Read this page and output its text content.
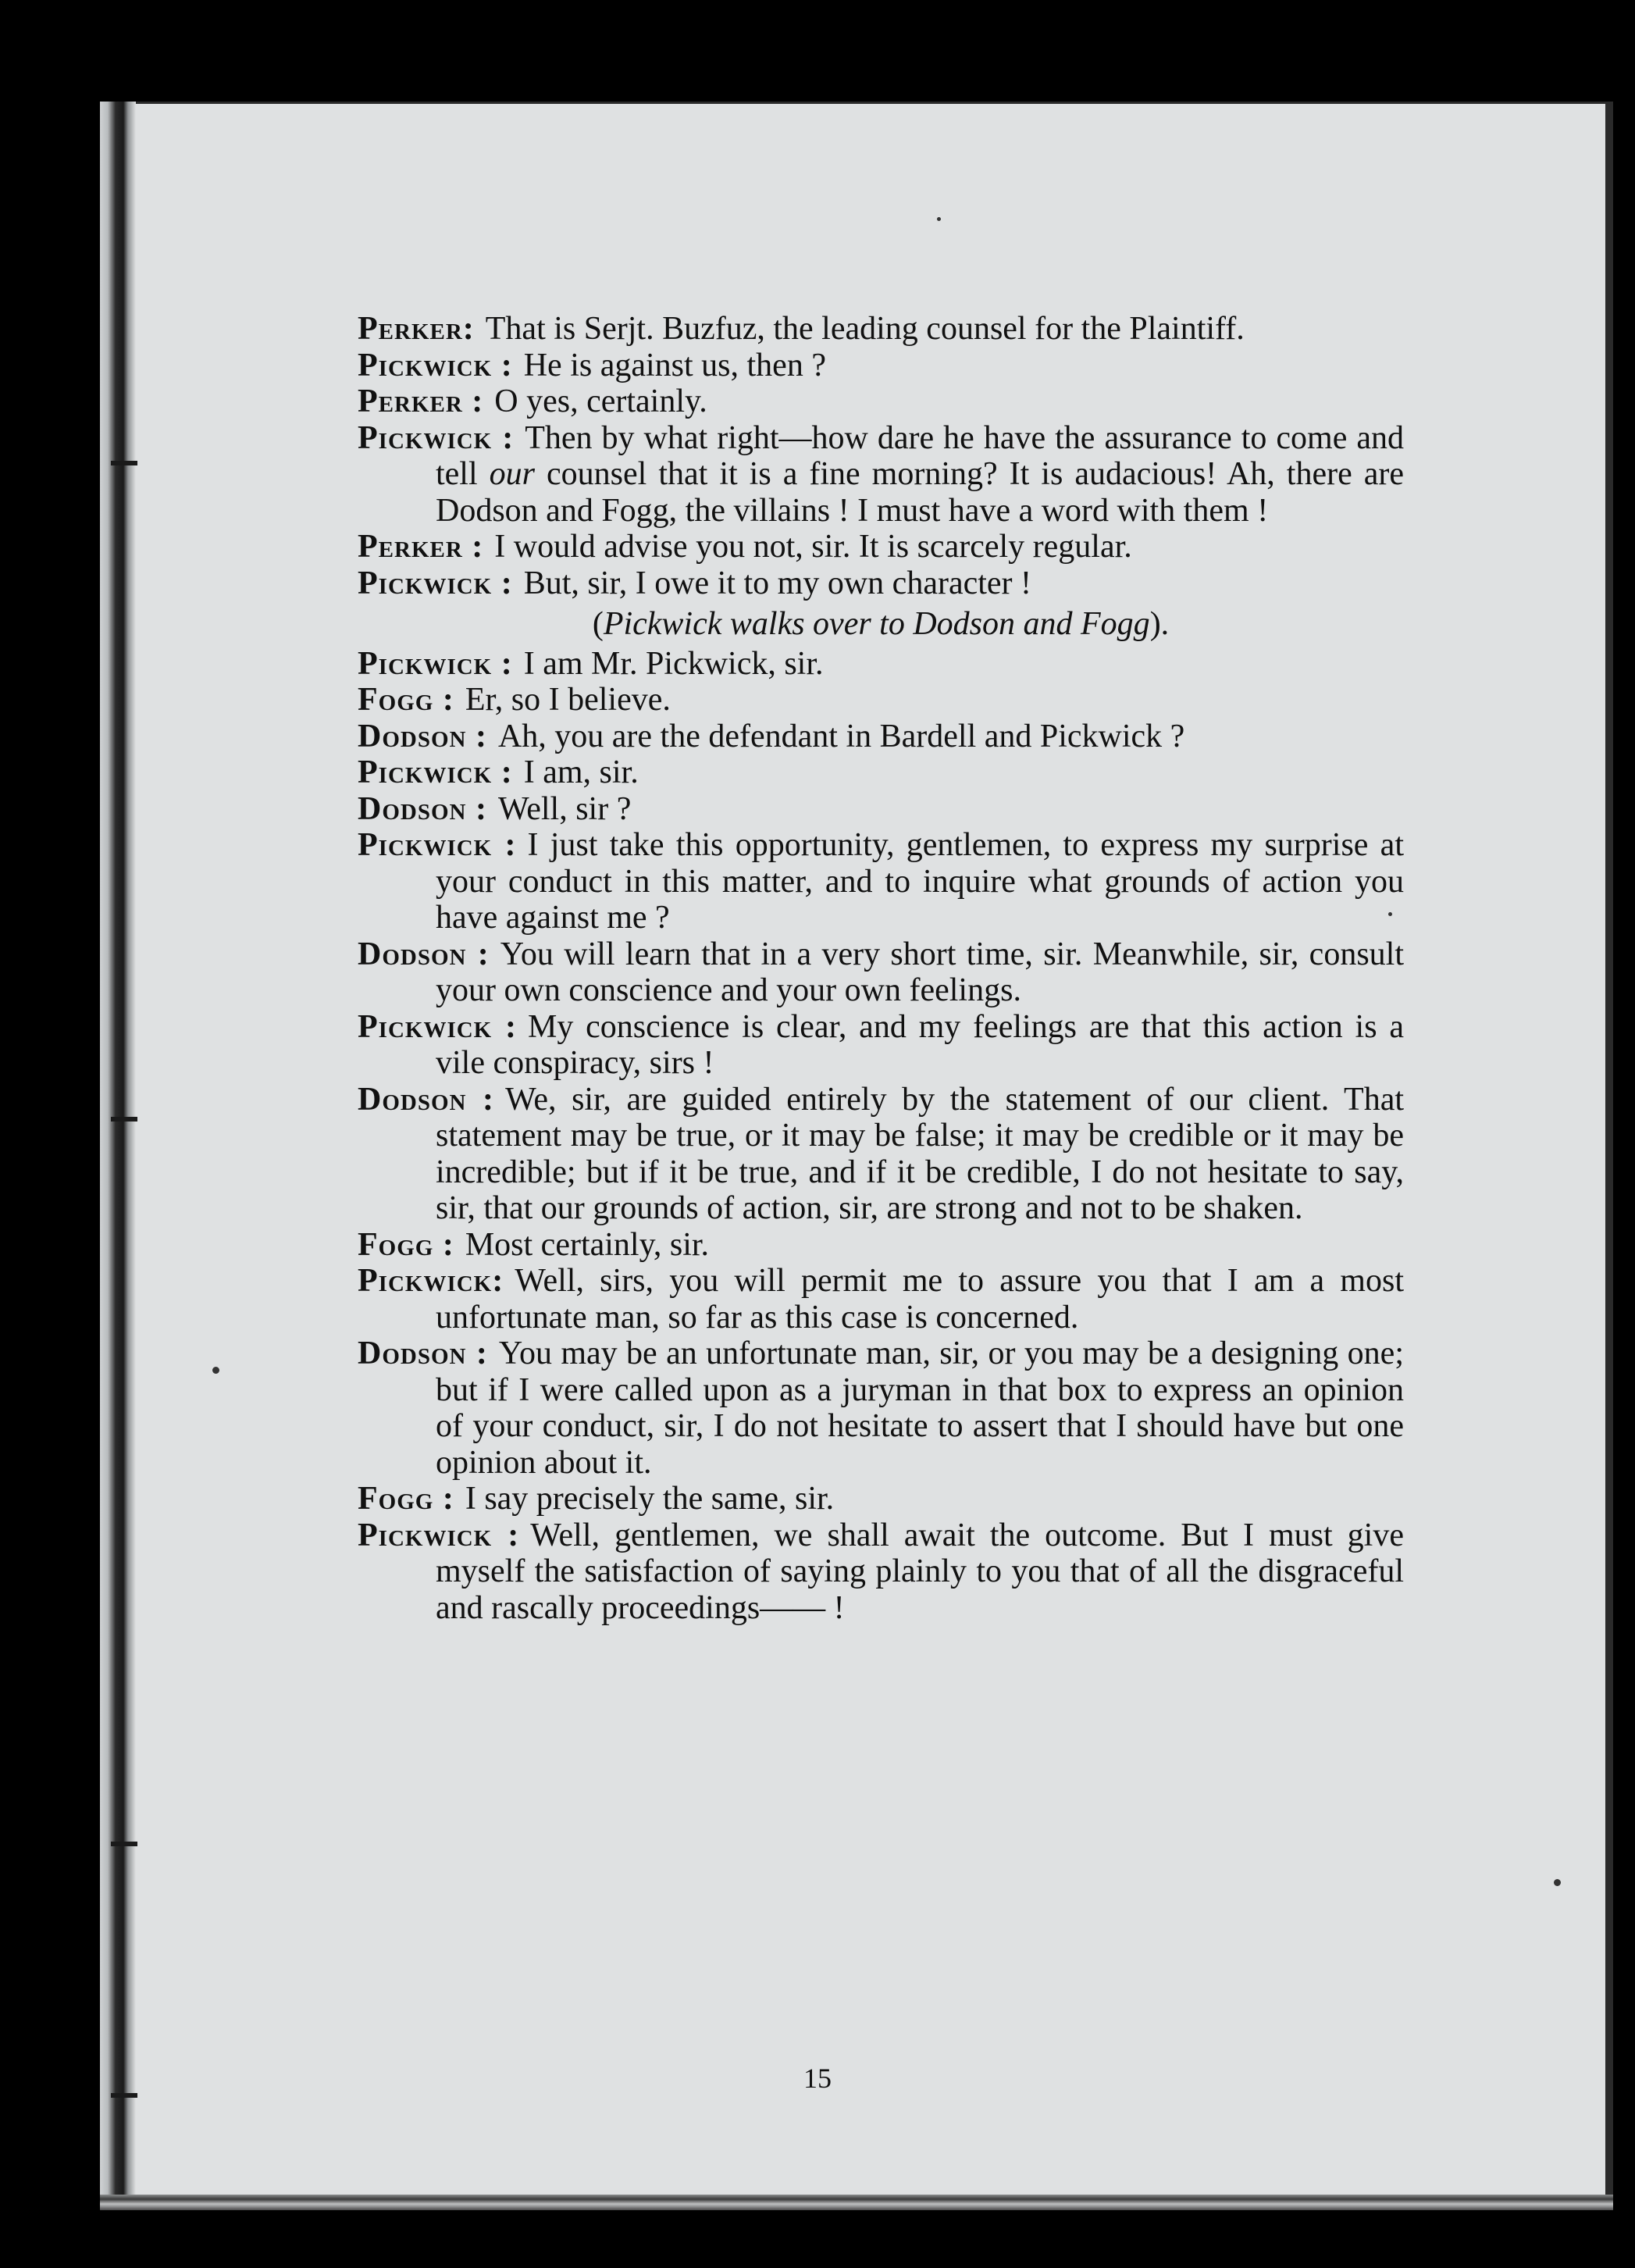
Perker: That is Serjt. Buzfuz, the leading counsel for the Plaintiff.

Pickwick : He is against us, then ?

Perker : O yes, certainly.

Pickwick : Then by what right—how dare he have the assurance to come and tell our counsel that it is a fine morning? It is audacious! Ah, there are Dodson and Fogg, the villains ! I must have a word with them !

Perker : I would advise you not, sir. It is scarcely regular.

Pickwick : But, sir, I owe it to my own character !

(Pickwick walks over to Dodson and Fogg).

Pickwick : I am Mr. Pickwick, sir.

Fogg : Er, so I believe.

Dodson : Ah, you are the defendant in Bardell and Pickwick ?

Pickwick : I am, sir.

Dodson : Well, sir ?

Pickwick : I just take this opportunity, gentlemen, to express my surprise at your conduct in this matter, and to inquire what grounds of action you have against me ?

Dodson : You will learn that in a very short time, sir. Meanwhile, sir, consult your own conscience and your own feelings.

Pickwick : My conscience is clear, and my feelings are that this action is a vile conspiracy, sirs !

Dodson : We, sir, are guided entirely by the statement of our client. That statement may be true, or it may be false; it may be credible or it may be incredible; but if it be true, and if it be credible, I do not hesitate to say, sir, that our grounds of action, sir, are strong and not to be shaken.

Fogg : Most certainly, sir.

Pickwick: Well, sirs, you will permit me to assure you that I am a most unfortunate man, so far as this case is concerned.

Dodson : You may be an unfortunate man, sir, or you may be a designing one; but if I were called upon as a juryman in that box to express an opinion of your conduct, sir, I do not hesitate to assert that I should have but one opinion about it.

Fogg : I say precisely the same, sir.

Pickwick : Well, gentlemen, we shall await the outcome. But I must give myself the satisfaction of saying plainly to you that of all the disgraceful and rascally proceedings—— !

15
